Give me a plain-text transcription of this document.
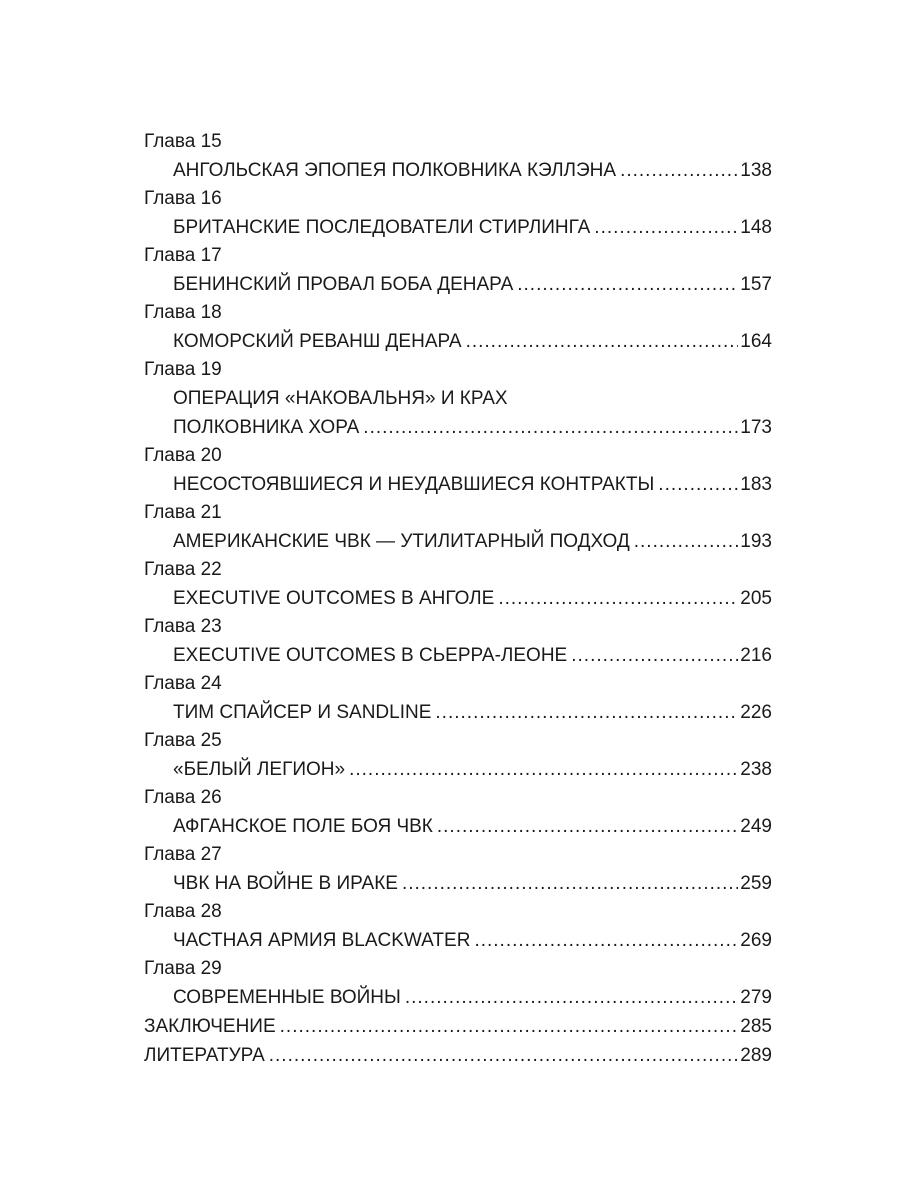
Глава 15
АНГОЛЬСКАЯ ЭПОПЕЯ ПОЛКОВНИКА КЭЛЛЭНА .....	138
Глава 16
БРИТАНСКИЕ ПОСЛЕДОВАТЕЛИ СТИРЛИНГА .....	148
Глава 17
БЕНИНСКИЙ ПРОВАЛ БОБА ДЕНАРА .....	157
Глава 18
КОМОРСКИЙ РЕВАНШ ДЕНАРА .....	164
Глава 19
ОПЕРАЦИЯ «НАКОВАЛЬНЯ» И КРАХ
ПОЛКОВНИКА ХОРА .....	173
Глава 20
НЕСОСТОЯВШИЕСЯ И НЕУДАВШИЕСЯ КОНТРАКТЫ .....	183
Глава 21
АМЕРИКАНСКИЕ ЧВК — УТИЛИТАРНЫЙ ПОДХОД .....	193
Глава 22
EXECUTIVE OUTCOMES В АНГОЛЕ .....	205
Глава 23
EXECUTIVE OUTCOMES В СЬЕРРА-ЛЕОНЕ .....	216
Глава 24
ТИМ СПАЙСЕР И SANDLINE .....	226
Глава 25
«БЕЛЫЙ ЛЕГИОН» .....	238
Глава 26
АФГАНСКОЕ ПОЛЕ БОЯ ЧВК .....	249
Глава 27
ЧВК НА ВОЙНЕ В ИРАКЕ .....	259
Глава 28
ЧАСТНАЯ АРМИЯ BLACKWATER .....	269
Глава 29
СОВРЕМЕННЫЕ ВОЙНЫ .....	279
ЗАКЛЮЧЕНИЕ .....	285
ЛИТЕРАТУРА .....	289
